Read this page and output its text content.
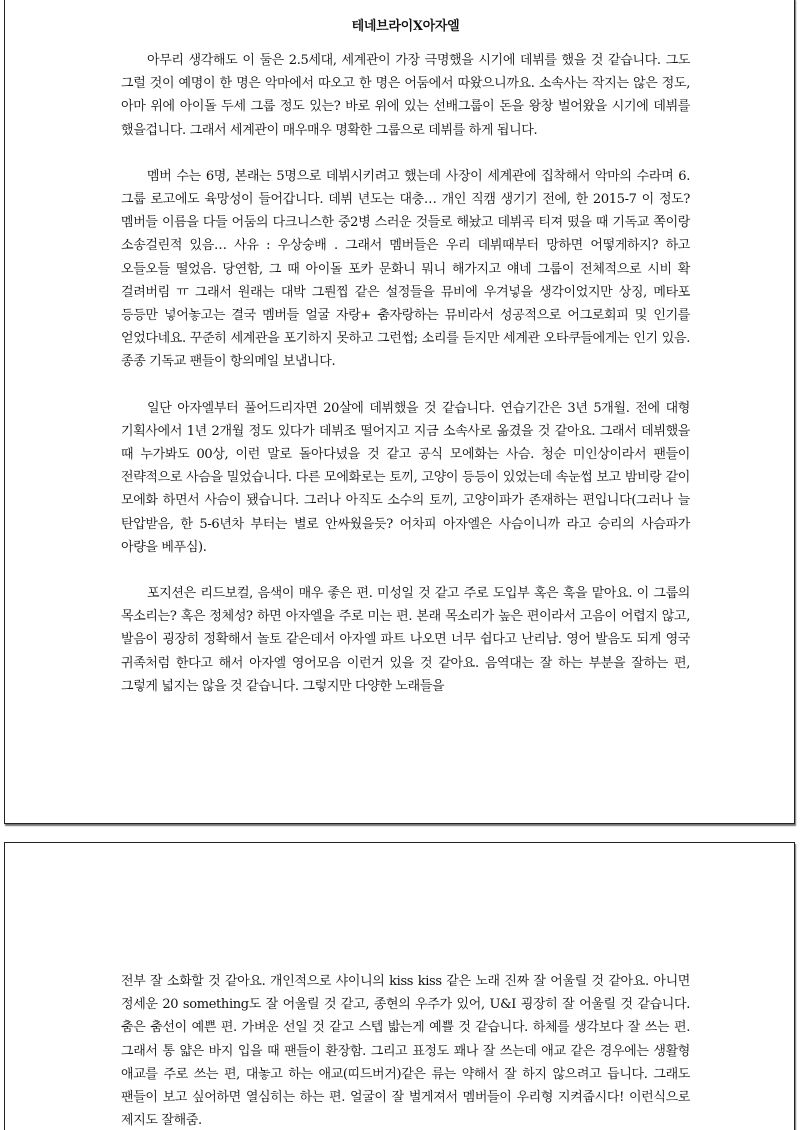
테네브라이X아자엘

아무리 생각해도 이 둘은 2.5세대, 세계관이 가장 극명했을 시기에 데뷔를 했을 것 같습니다. 그도 그럴 것이 예명이 한 명은 악마에서 따오고 한 명은 어둠에서 따왔으니까요. 소속사는 작지는 않은 정도, 아마 위에 아이돌 두세 그룹 정도 있는? 바로 위에 있는 선배그룹이 돈을 왕창 벌어왔을 시기에 데뷔를 했을겁니다. 그래서 세계관이 매우매우 명확한 그룹으로 데뷔를 하게 됩니다.

멤버 수는 6명, 본래는 5명으로 데뷔시키려고 했는데 사장이 세계관에 집착해서 악마의 수라며 6. 그룹 로고에도 육망성이 들어갑니다. 데뷔 년도는 대충… 개인 직캠 생기기 전에, 한 2015-7 이 정도? 멤버들 이름을 다들 어둠의 다크니스한 중2병 스러운 것들로 해놨고 데뷔곡 티져 떴을 때 기독교 쪽이랑 소송걸린적 있음… 사유 : 우상숭배 . 그래서 멤버들은 우리 데뷔때부터 망하면 어떻게하지? 하고 오들오들 떨었음. 당연함, 그 때 아이돌 포카 문화니 뭐니 해가지고 얘네 그룹이 전체적으로 시비 확 걸려버림 ㅠ 그래서 원래는 대박 그뤈찝 같은 설정들을 뮤비에 우겨넣을 생각이었지만 상징, 메타포 등등만 넣어놓고는 결국 멤버들 얼굴 자랑+ 춤자랑하는 뮤비라서 성공적으로 어그로회피 및 인기를 얻었다네요. 꾸준히 세계관을 포기하지 못하고 그런썹; 소리를 듣지만 세계관 오타쿠들에게는 인기 있음. 종종 기독교 팬들이 항의메일 보냅니다.

일단 아자엘부터 풀어드리자면 20살에 데뷔했을 것 같습니다. 연습기간은 3년 5개월. 전에 대형 기획사에서 1년 2개월 정도 있다가 데뷔조 떨어지고 지금 소속사로 옮겼을 것 같아요. 그래서 데뷔했을 때 누가봐도 00상, 이런 말로 돌아다녔을 것 같고 공식 모에화는 사슴. 청순 미인상이라서 팬들이 전략적으로 사슴을 밀었습니다. 다른 모에화로는 토끼, 고양이 등등이 있었는데 속눈썹 보고 밤비랑 같이 모에화 하면서 사슴이 됐습니다. 그러나 아직도 소수의 토끼, 고양이파가 존재하는 편입니다(그러나 늘 탄압받음, 한 5-6년차 부터는 별로 안싸웠을듯? 어차피 아자엘은 사슴이니까 라고 승리의 사슴파가 아량을 베푸심).

포지션은 리드보컬, 음색이 매우 좋은 편. 미성일 것 같고 주로 도입부 혹은 훅을 맡아요. 이 그룹의 목소리는? 혹은 정체성? 하면 아자엘을 주로 미는 편. 본래 목소리가 높은 편이라서 고음이 어렵지 않고, 발음이 굉장히 정확해서 놀토 같은데서 아자엘 파트 나오면 너무 쉽다고 난리남. 영어 발음도 되게 영국 귀족처럼 한다고 해서 아자엘 영어모음 이런거 있을 것 같아요. 음역대는 잘 하는 부분을 잘하는 편, 그렇게 넓지는 않을 것 같습니다. 그렇지만 다양한 노래들을

전부 잘 소화할 것 같아요. 개인적으로 샤이니의 kiss kiss 같은 노래 진짜 잘 어울릴 것 같아요. 아니면 정세운 20 something도 잘 어울릴 것 같고, 종현의 우주가 있어, U&I 굉장히 잘 어울릴 것 같습니다. 춤은 춤선이 예쁜 편. 가벼운 선일 것 같고 스텝 밟는게 예쁠 것 같습니다. 하체를 생각보다 잘 쓰는 편. 그래서 통 얇은 바지 입을 때 팬들이 환장함. 그리고 표정도 꽤나 잘 쓰는데 애교 같은 경우에는 생활형 애교를 주로 쓰는 편, 대놓고 하는 애교(띠드버거)같은 류는 약해서 잘 하지 않으려고 듭니다. 그래도 팬들이 보고 싶어하면 열심히는 하는 편. 얼굴이 잘 벌게져서 멤버들이 우리형 지켜줍시다! 이런식으로 제지도 잘해줌.
